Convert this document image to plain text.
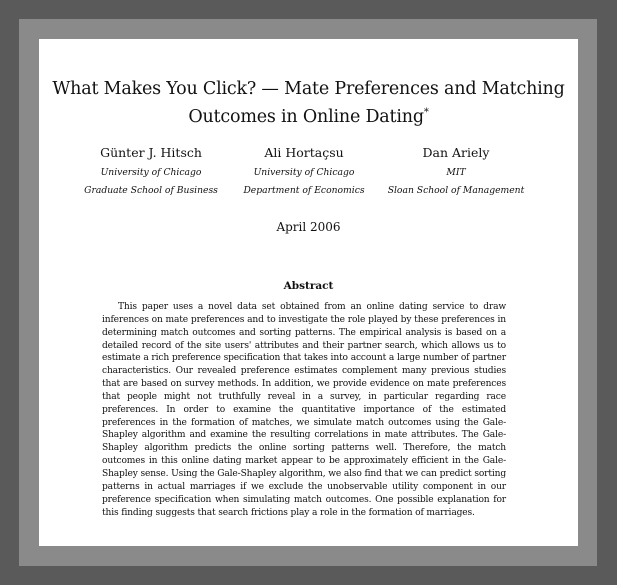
What Makes You Click? — Mate Preferences and Matching
Outcomes in Online Dating*
Günter J. Hitsch
University of Chicago
Graduate School of Business
Ali Hortaçsu
University of Chicago
Department of Economics
Dan Ariely
MIT
Sloan School of Management
April 2006
Abstract
This paper uses a novel data set obtained from an online dating service to draw inferences on mate preferences and to investigate the role played by these preferences in determining match outcomes and sorting patterns. The empirical analysis is based on a detailed record of the site users' attributes and their partner search, which allows us to estimate a rich preference specification that takes into account a large number of partner characteristics. Our revealed preference estimates complement many previous studies that are based on survey methods. In addition, we provide evidence on mate preferences that people might not truthfully reveal in a survey, in particular regarding race preferences. In order to examine the quantitative importance of the estimated preferences in the formation of matches, we simulate match outcomes using the Gale-Shapley algorithm and examine the resulting correlations in mate attributes. The Gale-Shapley algorithm predicts the online sorting patterns well. Therefore, the match outcomes in this online dating market appear to be approximately efficient in the Gale-Shapley sense. Using the Gale-Shapley algorithm, we also find that we can predict sorting patterns in actual marriages if we exclude the unobservable utility component in our preference specification when simulating match outcomes. One possible explanation for this finding suggests that search frictions play a role in the formation of marriages.
